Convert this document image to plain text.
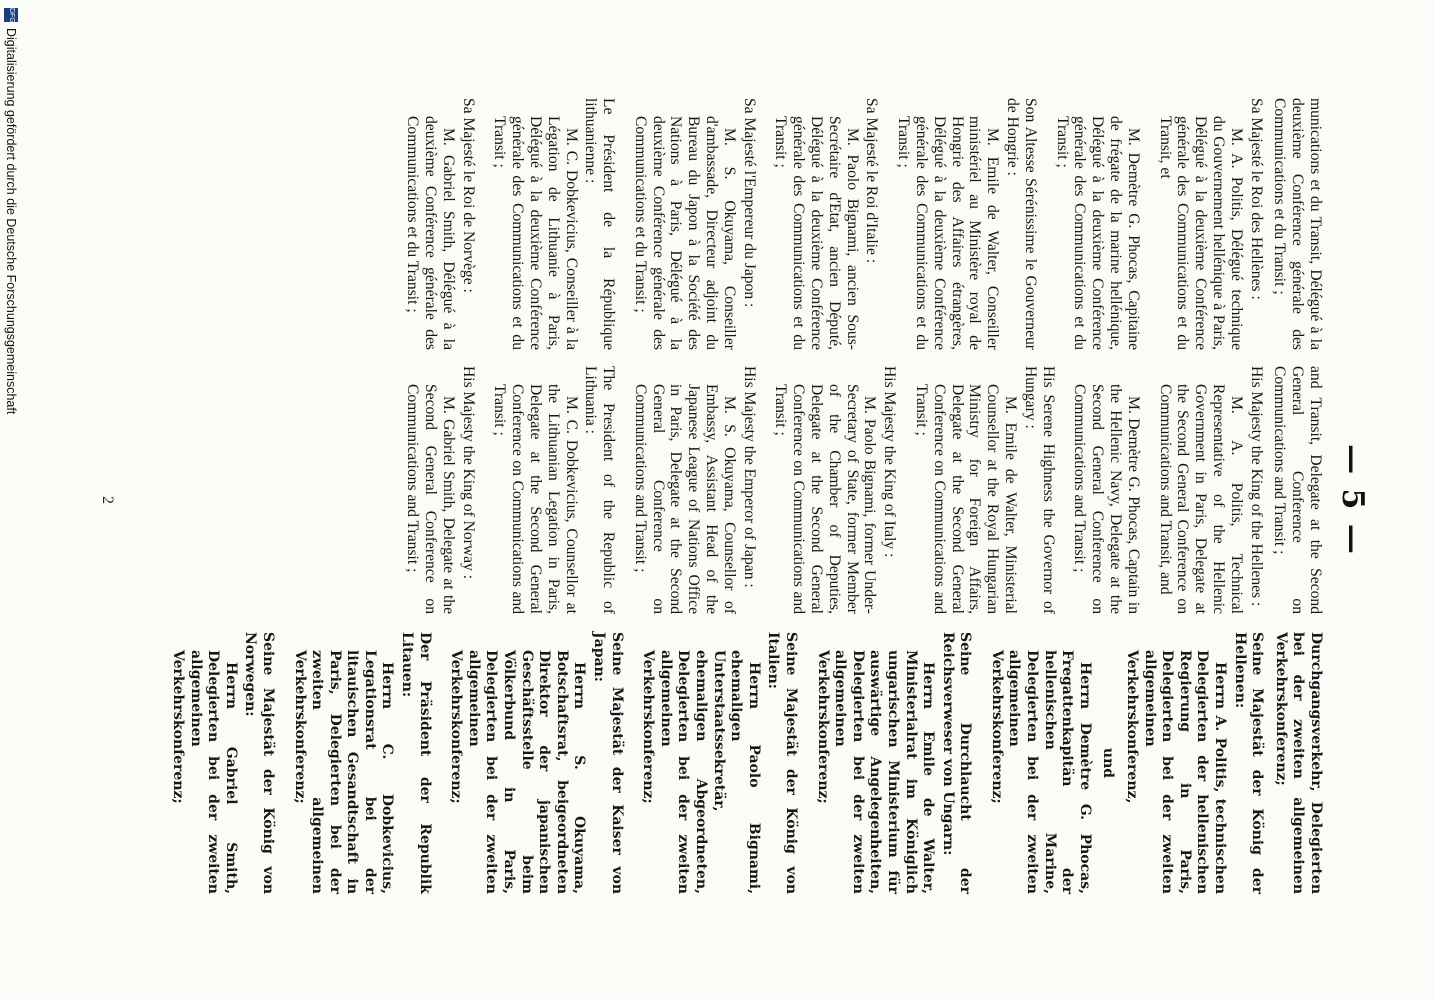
— 5 —

munications et du Transit, Délégué à la deuxième Conférence générale des Communications et du Transit ;

Sa Majesté le Roi des Hellènes :

M. A. Politis, Délégué technique du Gouvernement hellénique à Paris, Délégué à la deuxième Conférence générale des Communications et du Transit, et

M. Demètre G. Phocas, Capitaine de frégate de la marine hellénique, Délégué à la deuxième Conférence générale des Communications et du Transit ;

Son Altesse Sérénissime le Gouverneur de Hongrie :

M. Emile de Walter, Conseiller ministériel au Ministère royal de Hongrie des Affaires étrangères, Délégué à la deuxième Conférence générale des Communications et du Transit ;

Sa Majesté le Roi d'Italie :

M. Paolo Bignami, ancien Sous-Secrétaire d'Etat, ancien Député, Délégué à la deuxième Conférence générale des Communications et du Transit ;

Sa Majesté l'Empereur du Japon :

M. S. Okuyama, Conseiller d'ambassade, Directeur adjoint du Bureau du Japon à la Société des Nations à Paris, Délégué à la deuxième Conférence générale des Communications et du Transit ;

Le Président de la République lithuanienne :

M. C. Dobkevicius, Conseiller à la Légation de Lithuanie à Paris, Délégué à la deuxième Conférence générale des Communications et du Transit ;

Sa Majesté le Roi de Norvège :

M. Gabriel Smith, Délégué à la deuxième Conférence générale des Communications et du Transit ;

and Transit, Delegate at the Second General Conference on Communications and Transit ;

His Majesty the King of the Hellenes :

M. A. Politis, Technical Representative of the Hellenic Government in Paris, Delegate at the Second General Conference on Communications and Transit, and

M. Demètre G. Phocas, Captain in the Hellenic Navy, Delegate at the Second General Conference on Communications and Transit ;

His Serene Highness the Governor of Hungary :

M. Emile de Walter, Ministerial Counsellor at the Royal Hungarian Ministry for Foreign Affairs, Delegate at the Second General Conference on Communications and Transit ;

His Majesty the King of Italy :

M. Paolo Bignami, former Under-Secretary of State, former Member of the Chamber of Deputies, Delegate at the Second General Conference on Communications and Transit ;

His Majesty the Emperor of Japan :

M. S. Okuyama, Counsellor of Embassy, Assistant Head of the Japanese League of Nations Office in Paris, Delegate at the Second General Conference on Communications and Transit ;

The President of the Republic of Lithuania :

M. C. Dobkevicius, Counsellor at the Lithuanian Legation in Paris, Delegate at the Second General Conference on Communications and Transit ;

His Majesty the King of Norway :

M. Gabriel Smith, Delegate at the Second General Conference on Communications and Transit ;

Durchgangsverkehr, Delegierten bei der zweiten allgemeinen Verkehrskonferenz;

Seine Majestät der König der Hellenen:

Herrn A. Politis, technischen Delegierten der hellenischen Regierung in Paris, Delegierten bei der zweiten allgemeinen Verkehrskonferenz,

und

Herrn Demètre G. Phocas, Fregattenkapitän der hellenischen Marine, Delegierten bei der zweiten allgemeinen Verkehrskonferenz;

Seine Durchlaucht der Reichsverweser von Ungarn:

Herrn Emile de Walter, Ministerialrat im Königlich ungarischen Ministerium für auswärtige Angelegenheiten, Delegierten bei der zweiten allgemeinen Verkehrskonferenz;

Seine Majestät der König von Italien:

Herrn Paolo Bignami, ehemaligen Unterstaatssekretär, ehemaligen Abgeordneten, Delegierten bei der zweiten allgemeinen Verkehrskonferenz;

Seine Majestät der Kaiser von Japan:

Herrn S. Okuyama, Botschaftsrat, beigeordneten Direktor der japanischen Geschäftsstelle beim Völkerbund in Paris, Delegierten bei der zweiten allgemeinen Verkehrskonferenz;

Der Präsident der Republik Litauen:

Herrn C. Dobkevicius, Legationsrat bei der litauischen Gesandtschaft in Paris, Delegierten bei der zweiten allgemeinen Verkehrskonferenz;

Seine Majestät der König von Norwegen:

Herrn Gabriel Smith, Delegierten bei der zweiten allgemeinen Verkehrskonferenz;

2
DFG
Digitalisierung gefördert durch die Deutsche Forschungsgemeinschaft
